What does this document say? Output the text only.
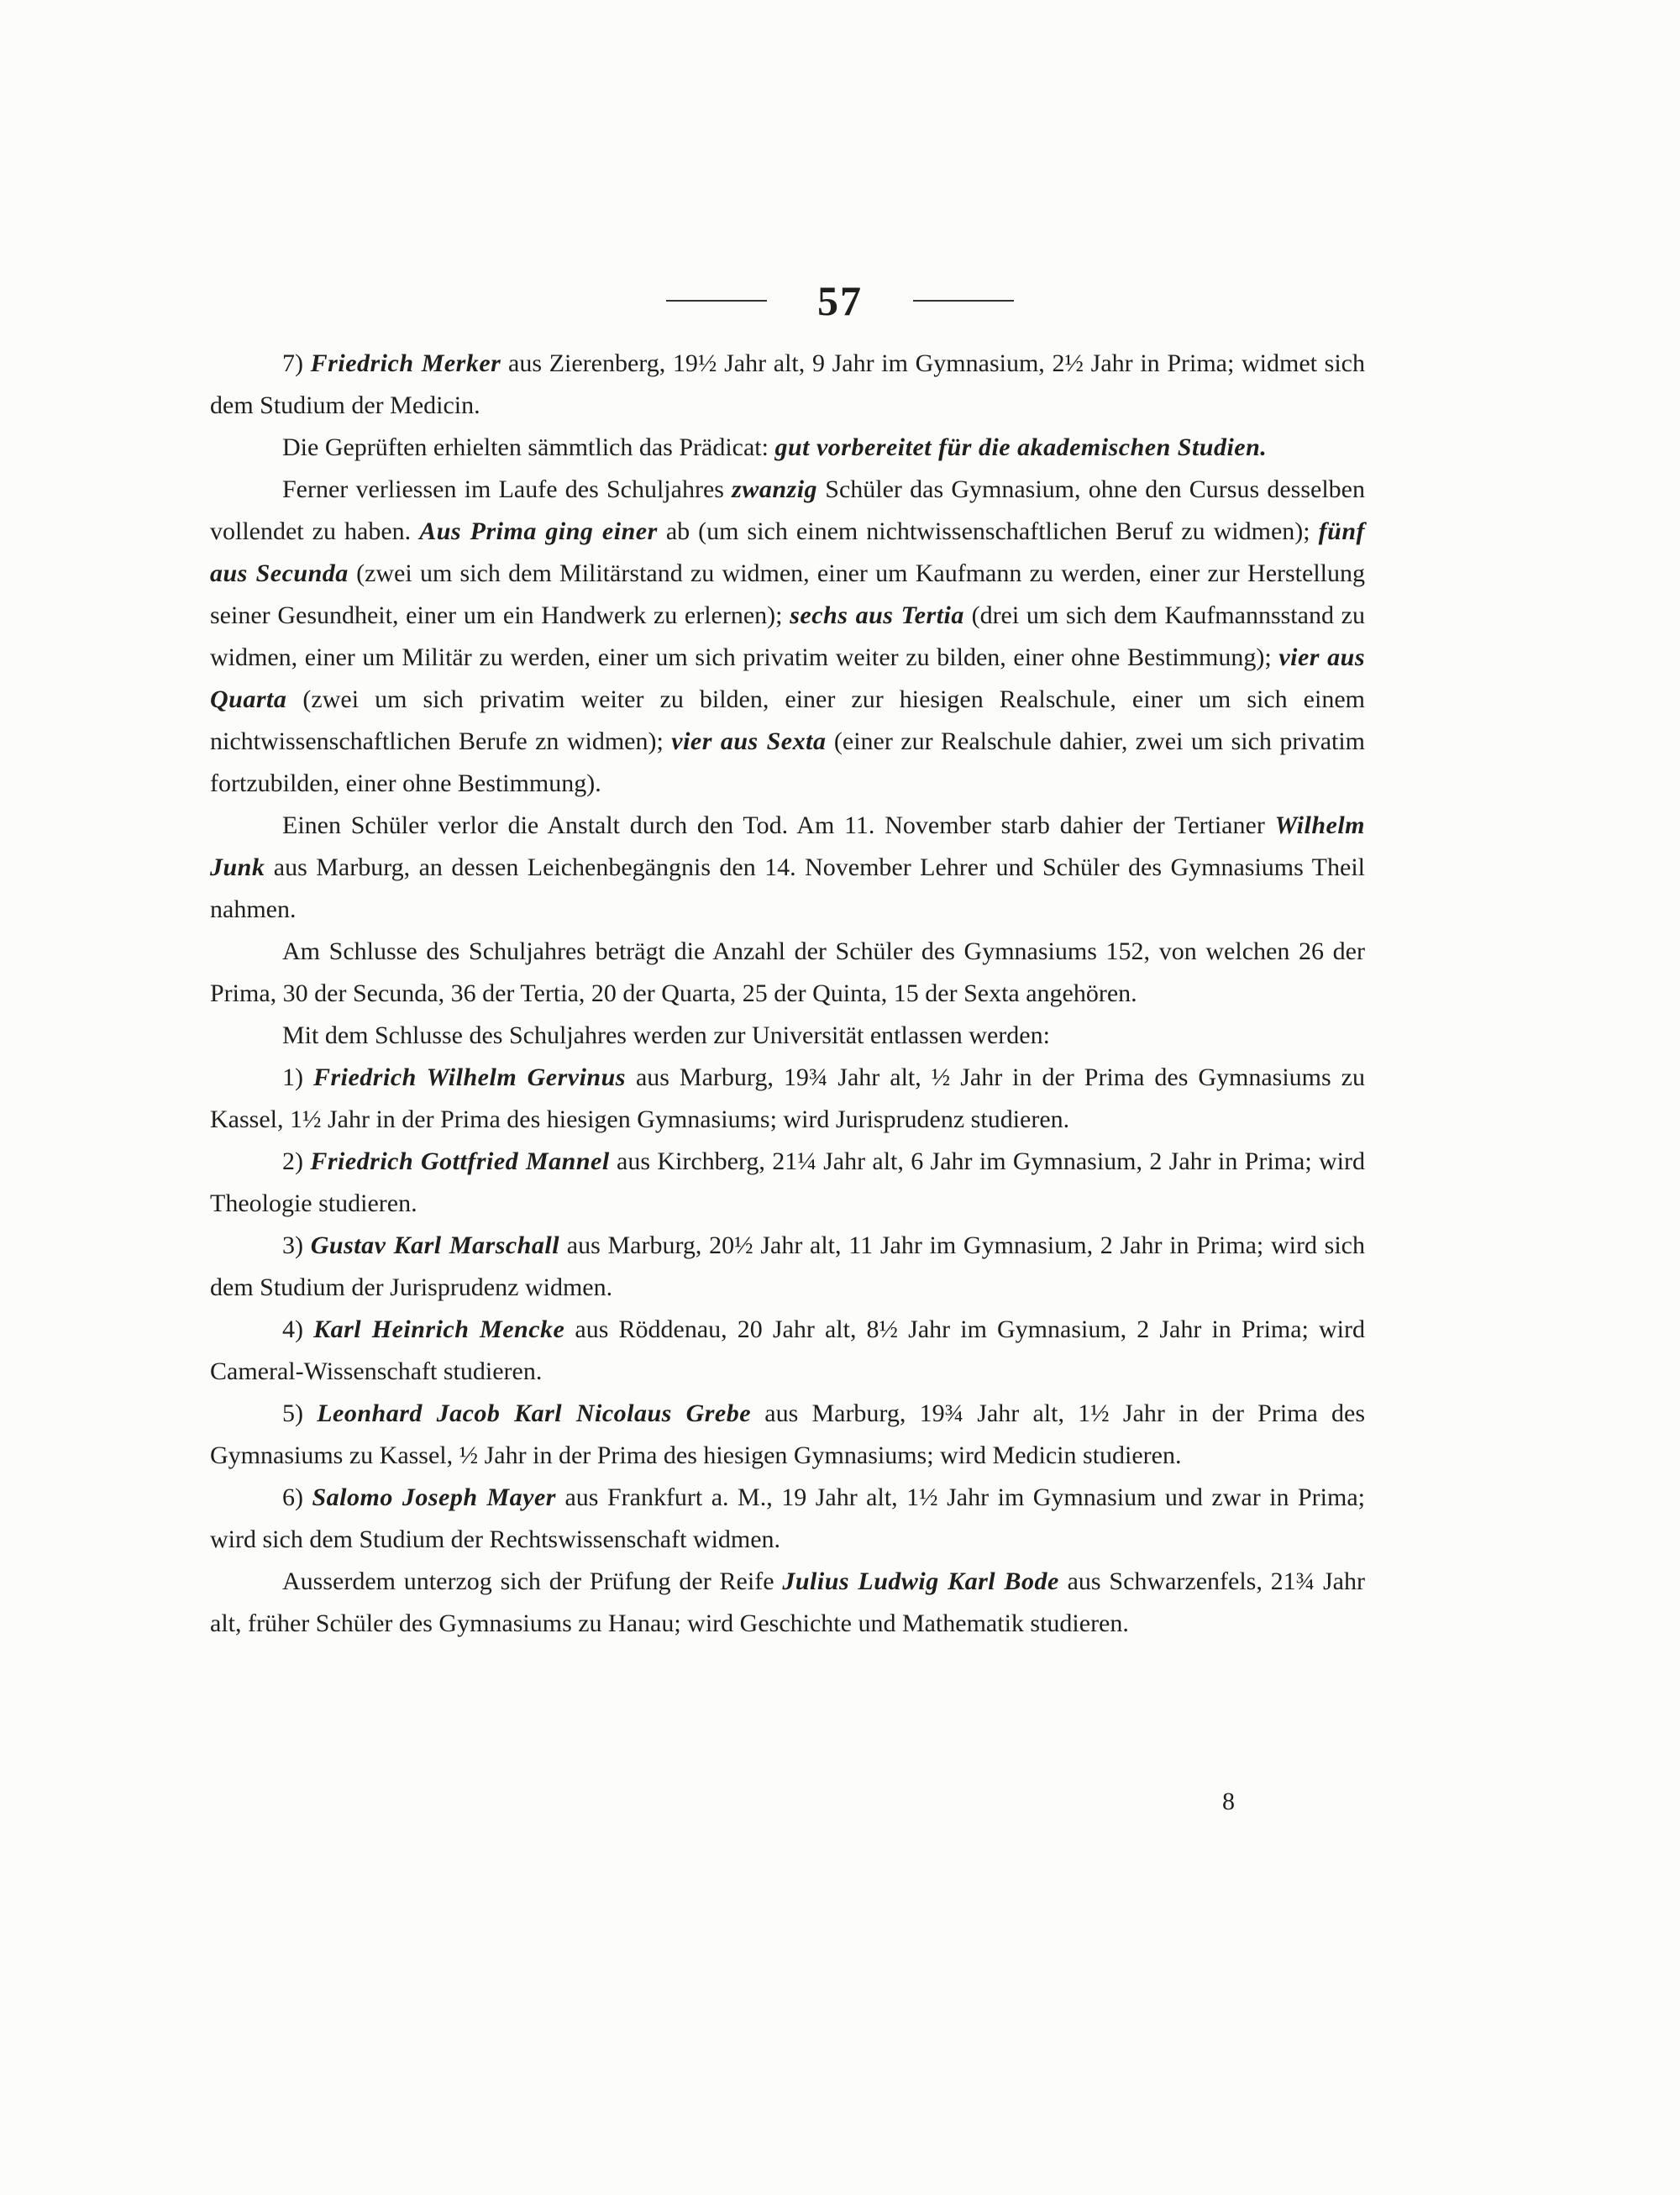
57

7) Friedrich Merker aus Zierenberg, 19½ Jahr alt, 9 Jahr im Gymnasium, 2½ Jahr in Prima; widmet sich dem Studium der Medicin.

Die Geprüften erhielten sämmtlich das Prädicat: gut vorbereitet für die akademischen Studien.

Ferner verliessen im Laufe des Schuljahres zwanzig Schüler das Gymnasium, ohne den Cursus desselben vollendet zu haben. Aus Prima ging einer ab (um sich einem nichtwissenschaftlichen Beruf zu widmen); fünf aus Secunda (zwei um sich dem Militärstand zu widmen, einer um Kaufmann zu werden, einer zur Herstellung seiner Gesundheit, einer um ein Handwerk zu erlernen); sechs aus Tertia (drei um sich dem Kaufmannsstand zu widmen, einer um Militär zu werden, einer um sich privatim weiter zu bilden, einer ohne Bestimmung); vier aus Quarta (zwei um sich privatim weiter zu bilden, einer zur hiesigen Realschule, einer um sich einem nichtwissenschaftlichen Berufe zn widmen); vier aus Sexta (einer zur Realschule dahier, zwei um sich privatim fortzubilden, einer ohne Bestimmung).

Einen Schüler verlor die Anstalt durch den Tod. Am 11. November starb dahier der Tertianer Wilhelm Junk aus Marburg, an dessen Leichenbegängnis den 14. November Lehrer und Schüler des Gymnasiums Theil nahmen.

Am Schlusse des Schuljahres beträgt die Anzahl der Schüler des Gymnasiums 152, von welchen 26 der Prima, 30 der Secunda, 36 der Tertia, 20 der Quarta, 25 der Quinta, 15 der Sexta angehören.

Mit dem Schlusse des Schuljahres werden zur Universität entlassen werden:

1) Friedrich Wilhelm Gervinus aus Marburg, 19¾ Jahr alt, ½ Jahr in der Prima des Gymnasiums zu Kassel, 1½ Jahr in der Prima des hiesigen Gymnasiums; wird Jurisprudenz studieren.

2) Friedrich Gottfried Mannel aus Kirchberg, 21¼ Jahr alt, 6 Jahr im Gymnasium, 2 Jahr in Prima; wird Theologie studieren.

3) Gustav Karl Marschall aus Marburg, 20½ Jahr alt, 11 Jahr im Gymnasium, 2 Jahr in Prima; wird sich dem Studium der Jurisprudenz widmen.

4) Karl Heinrich Mencke aus Röddenau, 20 Jahr alt, 8½ Jahr im Gymnasium, 2 Jahr in Prima; wird Cameral-Wissenschaft studieren.

5) Leonhard Jacob Karl Nicolaus Grebe aus Marburg, 19¾ Jahr alt, 1½ Jahr in der Prima des Gymnasiums zu Kassel, ½ Jahr in der Prima des hiesigen Gymnasiums; wird Medicin studieren.

6) Salomo Joseph Mayer aus Frankfurt a. M., 19 Jahr alt, 1½ Jahr im Gymnasium und zwar in Prima; wird sich dem Studium der Rechtswissenschaft widmen.

Ausserdem unterzog sich der Prüfung der Reife Julius Ludwig Karl Bode aus Schwarzenfels, 21¾ Jahr alt, früher Schüler des Gymnasiums zu Hanau; wird Geschichte und Mathematik studieren.

8
